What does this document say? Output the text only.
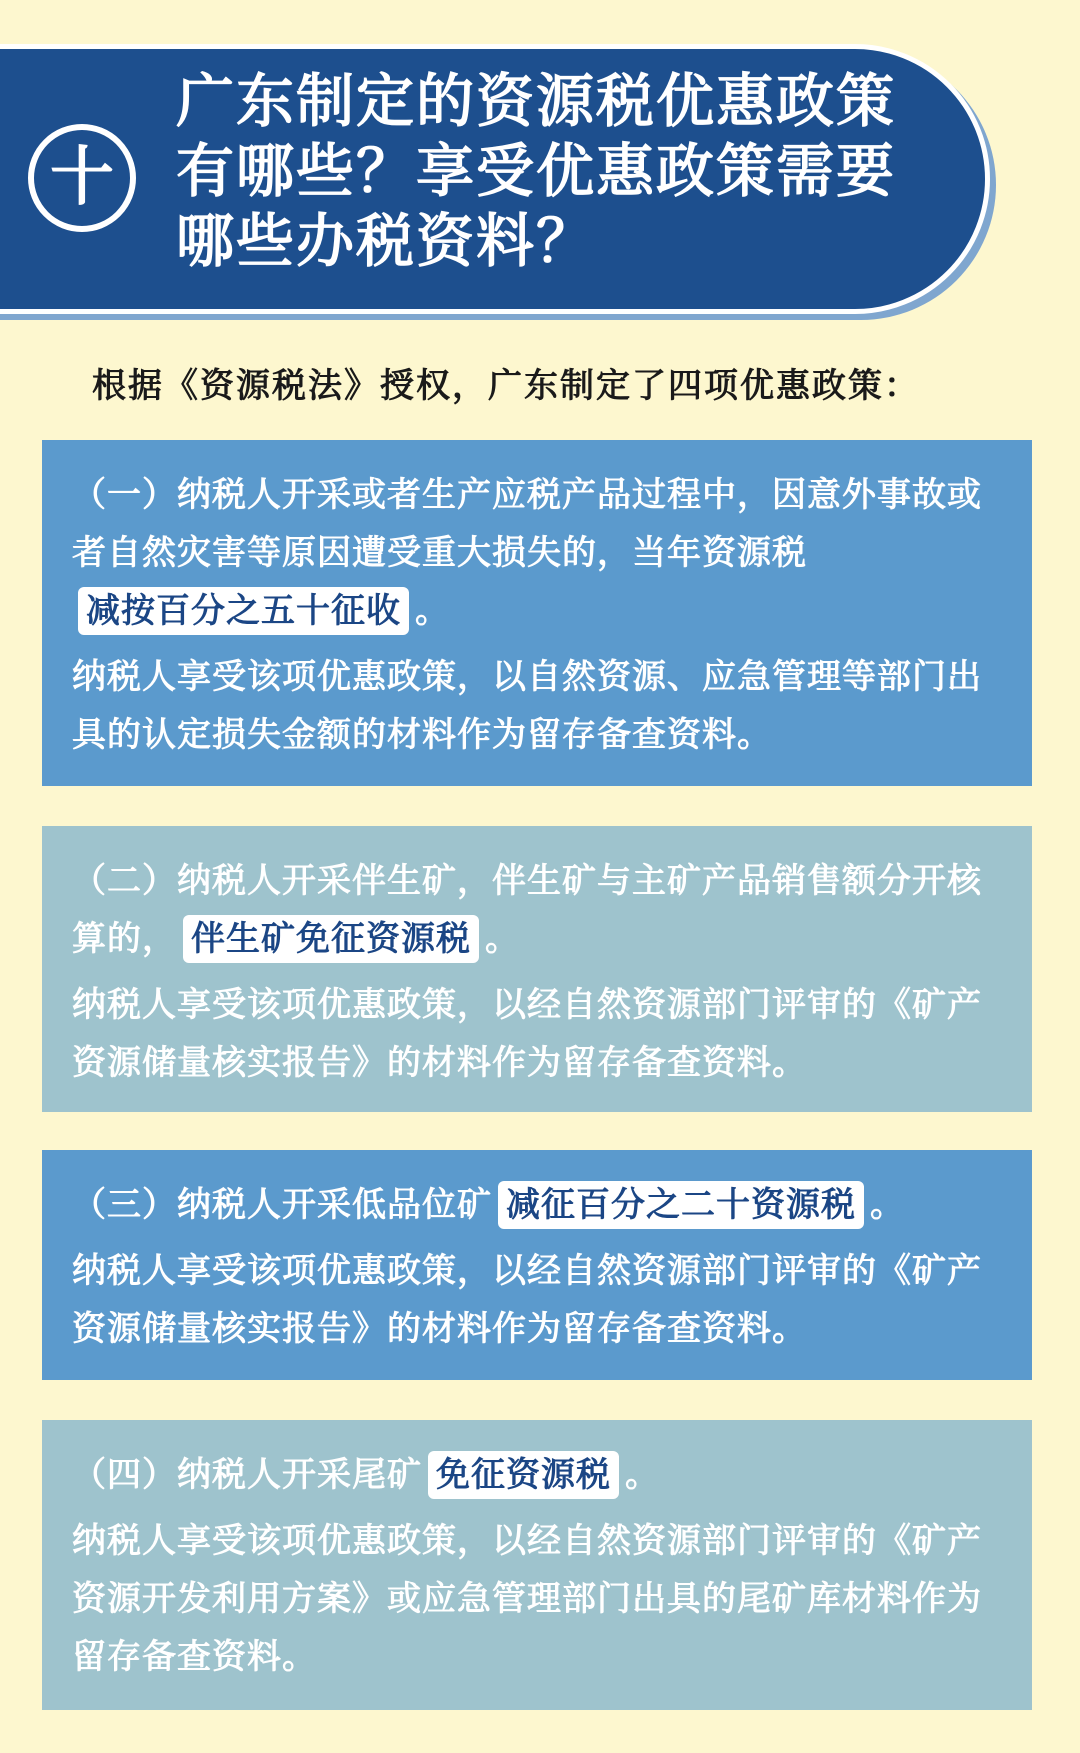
十
广东制定的资源税优惠政策
有哪些？享受优惠政策需要
哪些办税资料？
根据《资源税法》授权，广东制定了四项优惠政策：

（一）纳税人开采或者生产应税产品过程中，因意外事故或者自然灾害等原因遭受重大损失的，当年资源税减按百分之五十征收 。

纳税人享受该项优惠政策，以自然资源、应急管理等部门出具的认定损失金额的材料作为留存备查资料。

（二）纳税人开采伴生矿，伴生矿与主矿产品销售额分开核算的， 伴生矿免征资源税 。

纳税人享受该项优惠政策，以经自然资源部门评审的《矿产资源储量核实报告》的材料作为留存备查资料。

（三）纳税人开采低品位矿 减征百分之二十资源税 。

纳税人享受该项优惠政策，以经自然资源部门评审的《矿产资源储量核实报告》的材料作为留存备查资料。

（四）纳税人开采尾矿 免征资源税 。

纳税人享受该项优惠政策，以经自然资源部门评审的《矿产资源开发利用方案》或应急管理部门出具的尾矿库材料作为留存备查资料。
